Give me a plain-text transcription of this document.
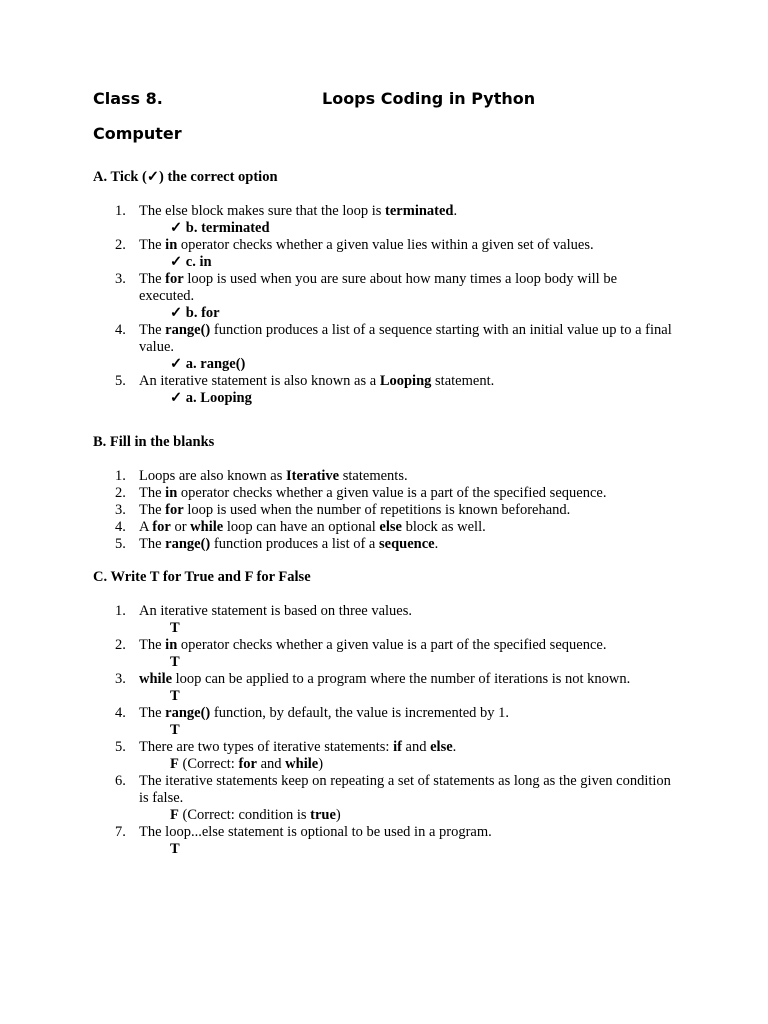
Class 8.	Loops Coding in Python
Computer
A. Tick (✓) the correct option
1. The else block makes sure that the loop is terminated.
✓ b. terminated
2. The in operator checks whether a given value lies within a given set of values.
✓ c. in
3. The for loop is used when you are sure about how many times a loop body will be executed.
✓ b. for
4. The range() function produces a list of a sequence starting with an initial value up to a final value.
✓ a. range()
5. An iterative statement is also known as a Looping statement.
✓ a. Looping
B. Fill in the blanks
1. Loops are also known as Iterative statements.
2. The in operator checks whether a given value is a part of the specified sequence.
3. The for loop is used when the number of repetitions is known beforehand.
4. A for or while loop can have an optional else block as well.
5. The range() function produces a list of a sequence.
C. Write T for True and F for False
1. An iterative statement is based on three values.
T
2. The in operator checks whether a given value is a part of the specified sequence.
T
3. while loop can be applied to a program where the number of iterations is not known.
T
4. The range() function, by default, the value is incremented by 1.
T
5. There are two types of iterative statements: if and else.
F (Correct: for and while)
6. The iterative statements keep on repeating a set of statements as long as the given condition is false.
F (Correct: condition is true)
7. The loop...else statement is optional to be used in a program.
T
